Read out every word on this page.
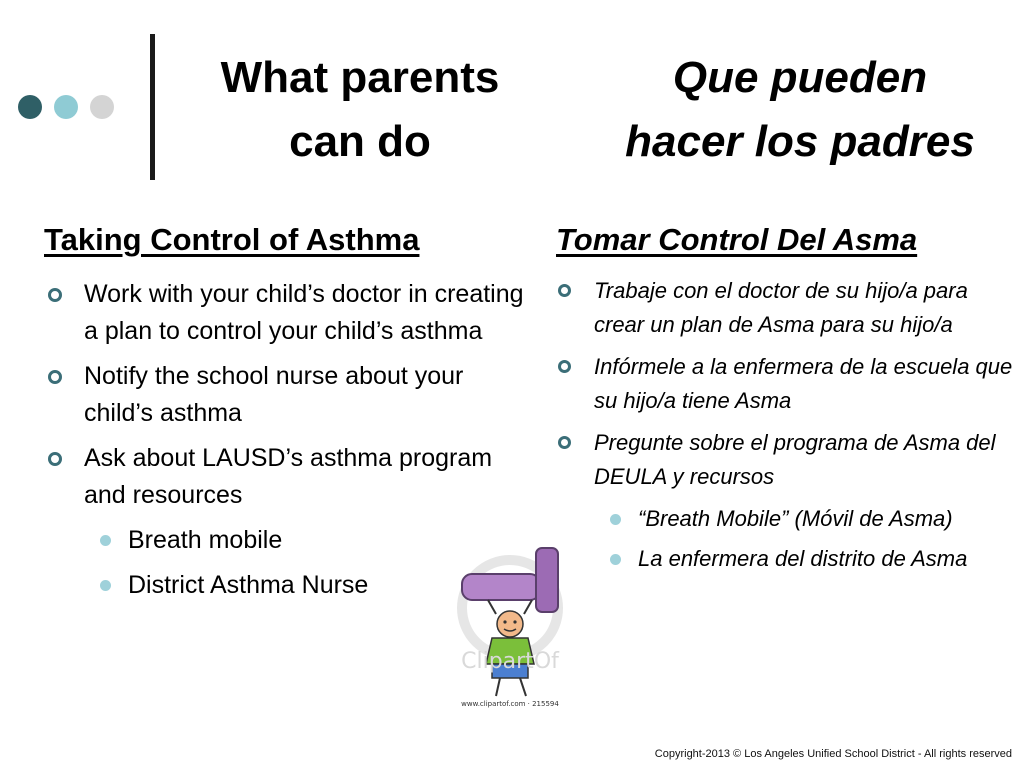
What parents
can do
Que pueden
hacer los padres
Taking Control of Asthma	Tomar Control Del Asma
Work with your child’s doctor in creating a plan to control your child’s asthma
Notify the school nurse about your child’s asthma
Ask about LAUSD’s asthma program and resources
Breath mobile
District Asthma Nurse
Trabaje con el doctor de su hijo/a para crear un plan de Asma para su hijo/a
Infórmele a la enfermera de la escuela que su hijo/a tiene Asma
Pregunte sobre el programa de Asma del DEULA y recursos
“Breath Mobile” (Móvil de Asma)
La enfermera del distrito de Asma
ClipartOf
www.clipartof.com · 215594
Copyright-2013 © Los Angeles Unified School District - All rights reserved
